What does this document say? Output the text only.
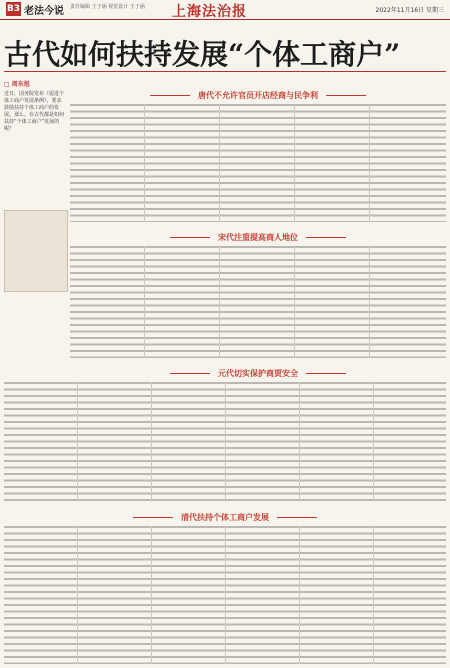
B3 老法今说 责任编辑 王子涵 视觉设计 王子涵 上海法治报	2022年11月16日 星期三
古代如何扶持发展“个体工商户”
□ 周东旭
近日，国务院发布《促进个体工商户发展条例》，要求鼓励扶持个体工商户的发展。那么，在古代都是如何扶持“个体工商户”发展的呢？
唐代不允许官员开店经商与民争利
宋代注重提高商人地位
元代切实保护商贾安全
清代扶持个体工商户发展
